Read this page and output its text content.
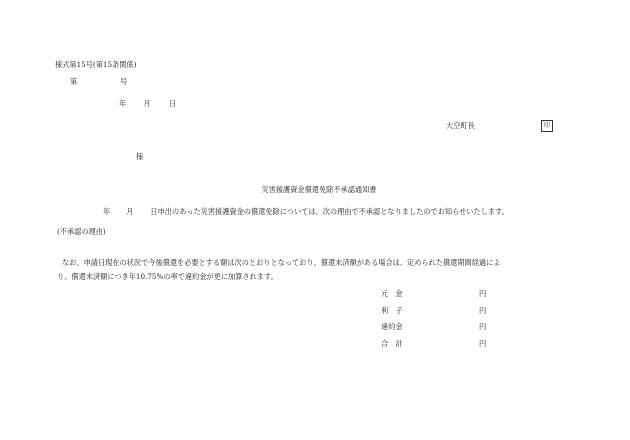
様式第15号(第15条関係)
第	号
年 月	日
大空町長	印
様
災害援護資金償還免除不承認通知書
年 月 日申出のあった災害援護資金の償還免除については、次の理由で不承認となりましたのでお知らせいたします。
(不承認の理由)
なお、申請日現在の状況で今後償還を必要とする額は次のとおりとなっており、償還未済額がある場合は、定められた償還期間経過によ
り、償還未済額につき年10.75%の率で違約金が更に加算されます。
元　金	円
利　子	円
違約金	円
合　計	円
